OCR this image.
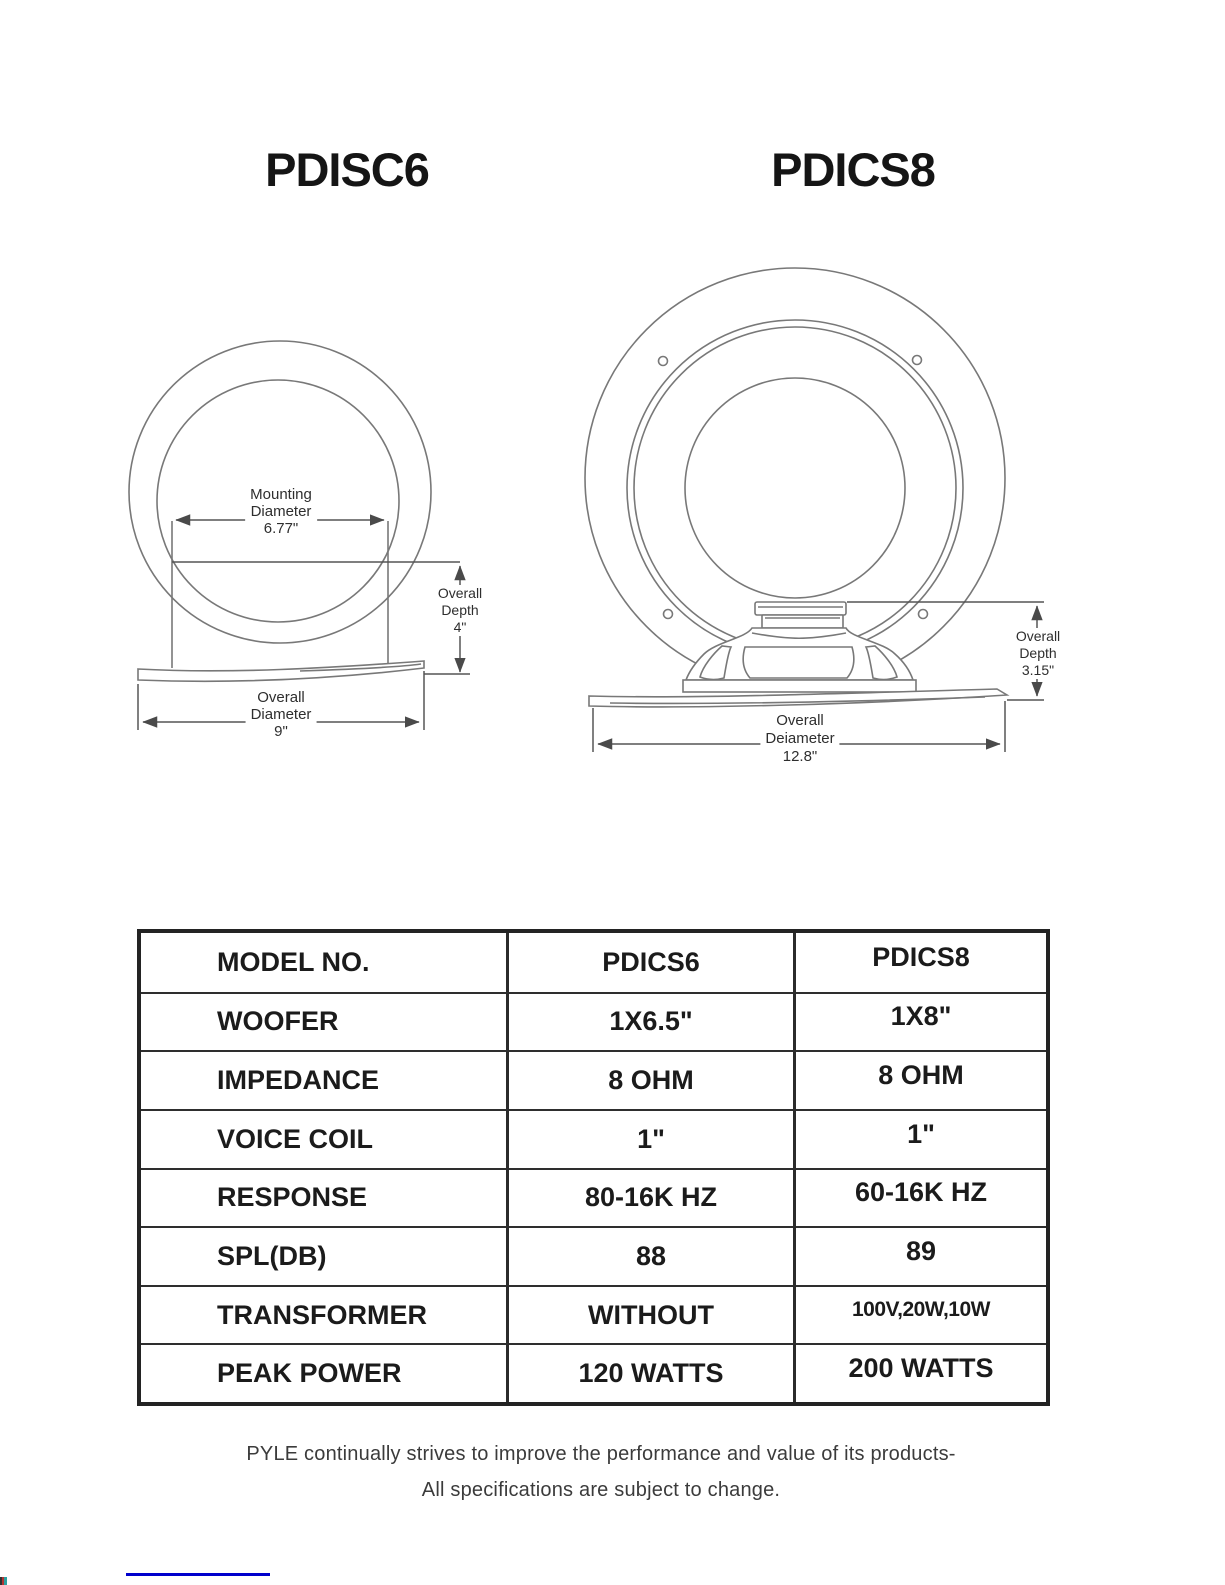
PDISC6	PDICS8
Mounting
Diameter
6.77"
Overall
Depth
4"
Overall
Diameter
9"
Overall
Depth
3.15"
Overall
Deiameter
12.8"
MODEL NO.	PDICS6	PDICS8
WOOFER	1X6.5"	1X8"
IMPEDANCE	8 OHM	8 OHM
VOICE COIL	1"	1"
RESPONSE	80-16K HZ	60-16K HZ
SPL(DB)	88	89
TRANSFORMER	WITHOUT	100V,20W,10W
PEAK POWER	120 WATTS	200 WATTS
PYLE continually strives to improve the performance and value of its products-
All specifications are subject to change.
